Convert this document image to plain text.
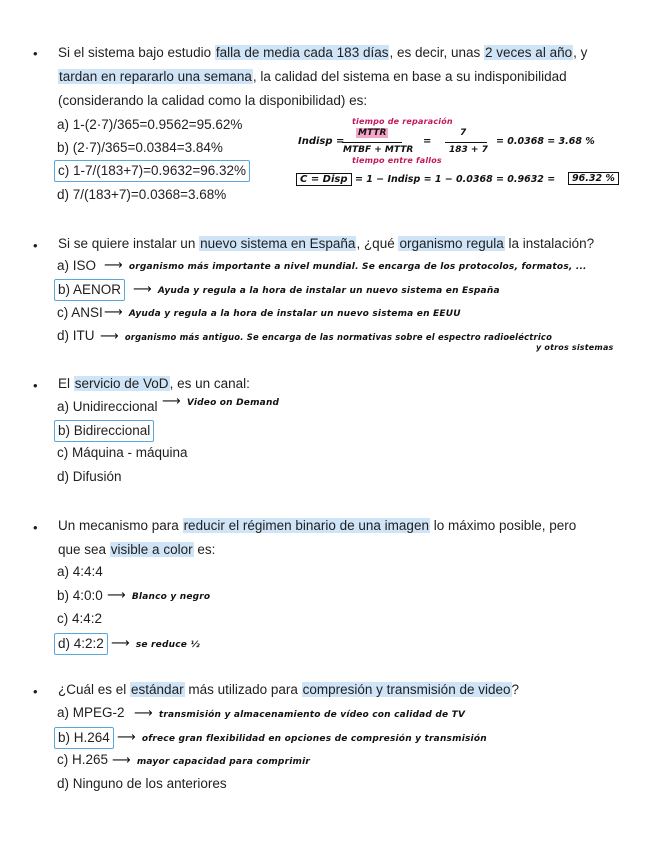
• Si el sistema bajo estudio falla de media cada 183 días, es decir, unas 2 veces al año, y
tardan en repararlo una semana, la calidad del sistema en base a su indisponibilidad
(considerando la calidad como la disponibilidad) es:
a) 1-(2·7)/365=0.9562=95.62%
b) (2·7)/365=0.0384=3.84%
c) 1-7/(183+7)=0.9632=96.32%
d) 7/(183+7)=0.0368=3.68%
tiempo de reparación
Indisp =
MTTR
MTBF + MTTR
=
7
183 + 7
= 0.0368 = 3.68 %
tiempo entre fallos
C = Disp = 1 − Indisp = 1 − 0.0368 = 0.9632 =	96.32 %
• Si se quiere instalar un nuevo sistema en España, ¿qué organismo regula la instalación?
a) ISO
b) AENOR
c) ANSI
d) ITU
⟶ organismo más importante a nivel mundial. Se encarga de los protocolos, formatos, ...
⟶ Ayuda y regula a la hora de instalar un nuevo sistema en España
⟶ Ayuda y regula a la hora de instalar un nuevo sistema en EEUU
⟶ organismo más antiguo. Se encarga de las normativas sobre el espectro radioeléctrico
y otros sistemas
• El servicio de VoD, es un canal:
a) Unidireccional
b) Bidireccional
c) Máquina - máquina
d) Difusión
⟶ Video on Demand
• Un mecanismo para reducir el régimen binario de una imagen lo máximo posible, pero
que sea visible a color es:
a) 4:4:4
b) 4:0:0
c) 4:4:2
d) 4:2:2
⟶ Blanco y negro
⟶ se reduce ½
• ¿Cuál es el estándar más utilizado para compresión y transmisión de video?
a) MPEG-2
b) H.264
c) H.265
d) Ninguno de los anteriores
⟶ transmisión y almacenamiento de vídeo con calidad de TV
⟶ ofrece gran flexibilidad en opciones de compresión y transmisión
⟶ mayor capacidad para comprimir
